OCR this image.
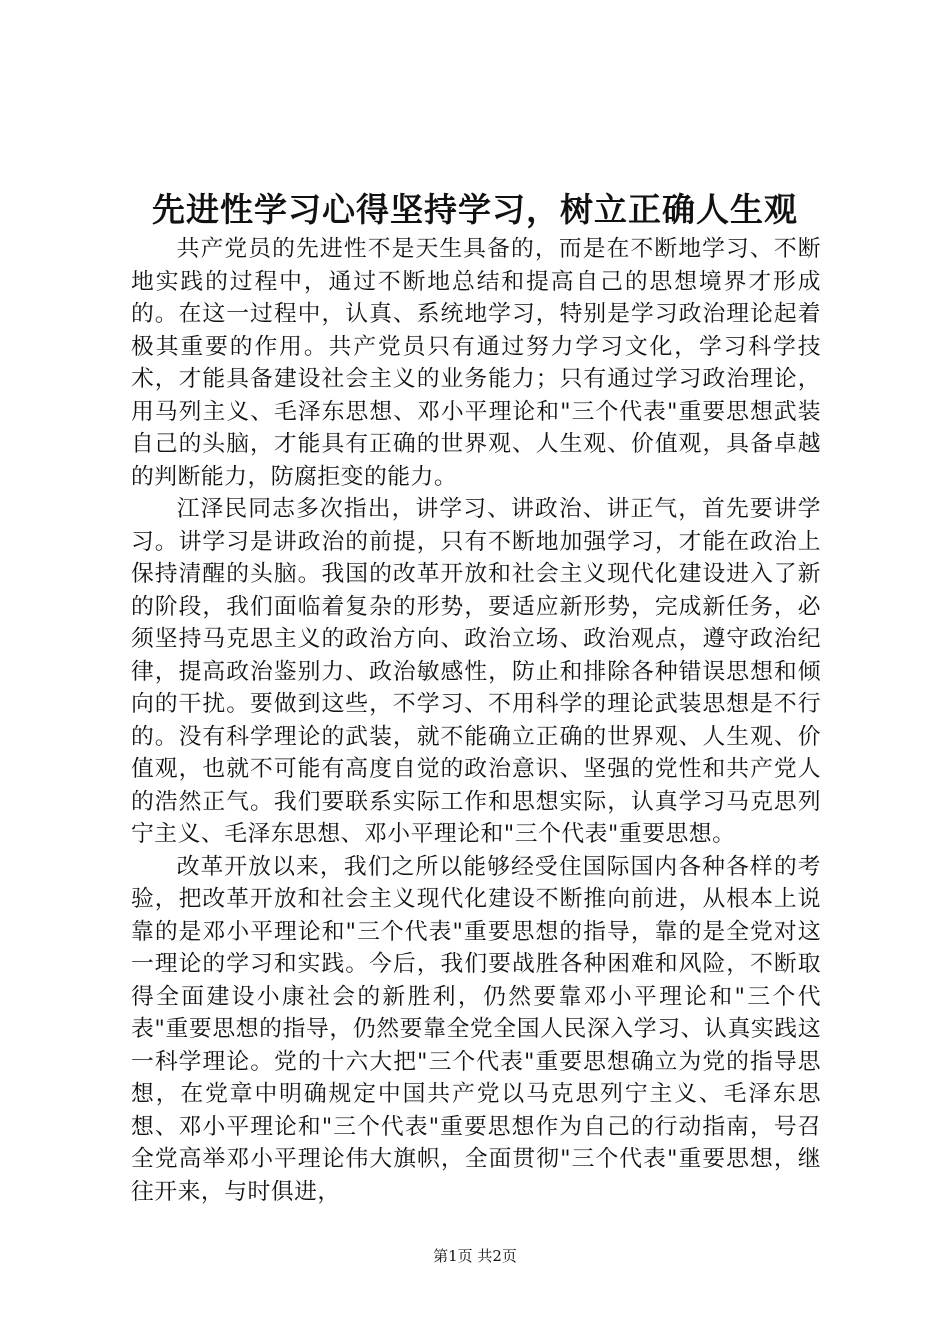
先进性学习心得坚持学习，树立正确人生观

共产党员的先进性不是天生具备的，而是在不断地学习、不断地实践的过程中，通过不断地总结和提高自己的思想境界才形成的。在这一过程中，认真、系统地学习，特别是学习政治理论起着极其重要的作用。共产党员只有通过努力学习文化，学习科学技术，才能具备建设社会主义的业务能力；只有通过学习政治理论，用马列主义、毛泽东思想、邓小平理论和"三个代表"重要思想武装自己的头脑，才能具有正确的世界观、人生观、价值观，具备卓越的判断能力，防腐拒变的能力。

江泽民同志多次指出，讲学习、讲政治、讲正气，首先要讲学习。讲学习是讲政治的前提，只有不断地加强学习，才能在政治上保持清醒的头脑。我国的改革开放和社会主义现代化建设进入了新的阶段，我们面临着复杂的形势，要适应新形势，完成新任务，必须坚持马克思主义的政治方向、政治立场、政治观点，遵守政治纪律，提高政治鉴别力、政治敏感性，防止和排除各种错误思想和倾向的干扰。要做到这些，不学习、不用科学的理论武装思想是不行的。没有科学理论的武装，就不能确立正确的世界观、人生观、价值观，也就不可能有高度自觉的政治意识、坚强的党性和共产党人的浩然正气。我们要联系实际工作和思想实际，认真学习马克思列宁主义、毛泽东思想、邓小平理论和"三个代表"重要思想。

改革开放以来，我们之所以能够经受住国际国内各种各样的考验，把改革开放和社会主义现代化建设不断推向前进，从根本上说靠的是邓小平理论和"三个代表"重要思想的指导，靠的是全党对这一理论的学习和实践。今后，我们要战胜各种困难和风险，不断取得全面建设小康社会的新胜利，仍然要靠邓小平理论和"三个代表"重要思想的指导，仍然要靠全党全国人民深入学习、认真实践这一科学理论。党的十六大把"三个代表"重要思想确立为党的指导思想，在党章中明确规定中国共产党以马克思列宁主义、毛泽东思想、邓小平理论和"三个代表"重要思想作为自己的行动指南，号召全党高举邓小平理论伟大旗帜，全面贯彻"三个代表"重要思想，继往开来，与时俱进，

第1页 共2页
